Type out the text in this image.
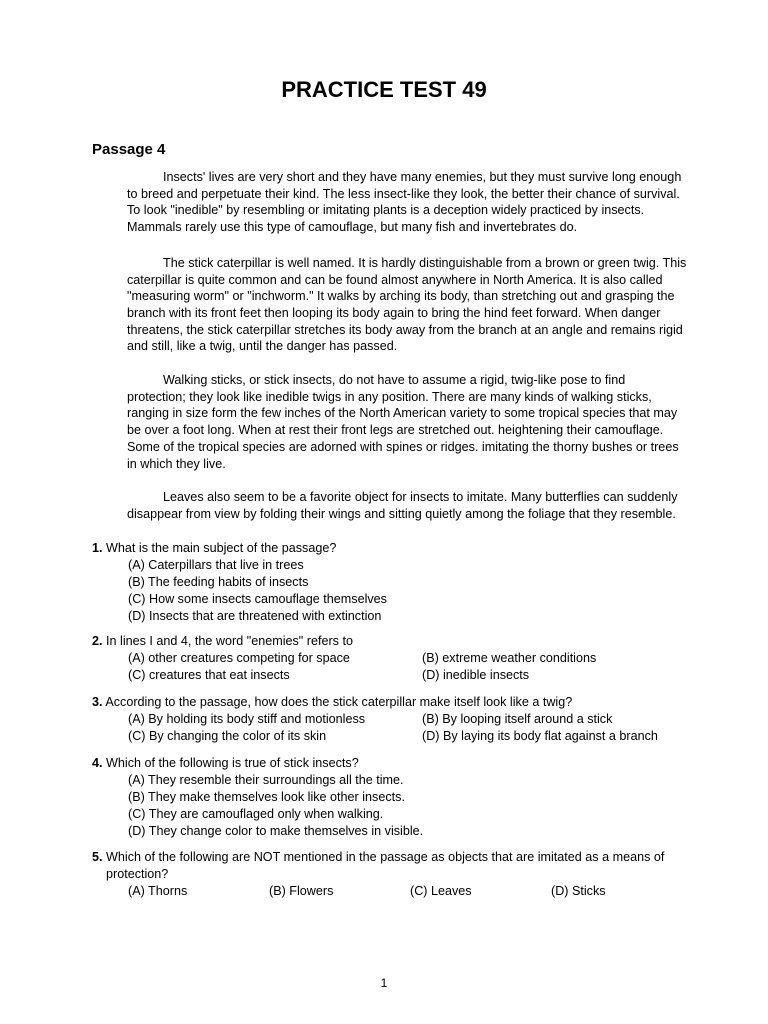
PRACTICE TEST 49
Passage 4

Insects' lives are very short and they have many enemies, but they must survive long enough to breed and perpetuate their kind. The less insect-like they look, the better their chance of survival. To look "inedible" by resembling or imitating plants is a deception widely practiced by insects. Mammals rarely use this type of camouflage, but many fish and invertebrates do.

The stick caterpillar is well named. It is hardly distinguishable from a brown or green twig. This caterpillar is quite common and can be found almost anywhere in North America. It is also called "measuring worm" or "inchworm." It walks by arching its body, than stretching out and grasping the branch with its front feet then looping its body again to bring the hind feet forward. When danger threatens, the stick caterpillar stretches its body away from the branch at an angle and remains rigid and still, like a twig, until the danger has passed.

Walking sticks, or stick insects, do not have to assume a rigid, twig-like pose to find protection; they look like inedible twigs in any position. There are many kinds of walking sticks, ranging in size form the few inches of the North American variety to some tropical species that may be over a foot long. When at rest their front legs are stretched out. heightening their camouflage. Some of the tropical species are adorned with spines or ridges. imitating the thorny bushes or trees in which they live.

Leaves also seem to be a favorite object for insects to imitate. Many butterflies can suddenly disappear from view by folding their wings and sitting quietly among the foliage that they resemble.

1. What is the main subject of the passage?
(A) Caterpillars that live in trees
(B) The feeding habits of insects
(C) How some insects camouflage themselves
(D) Insects that are threatened with extinction
2. In lines I and 4, the word "enemies" refers to
(A) other creatures competing for space	(B) extreme weather conditions
(C) creatures that eat insects	(D) inedible insects
3. According to the passage, how does the stick caterpillar make itself look like a twig?
(A) By holding its body stiff and motionless	(B) By looping itself around a stick
(C) By changing the color of its skin	(D) By laying its body flat against a branch
4. Which of the following is true of stick insects?
(A) They resemble their surroundings all the time.
(B) They make themselves look like other insects.
(C) They are camouflaged only when walking.
(D) They change color to make themselves in visible.
5. Which of the following are NOT mentioned in the passage as objects that are imitated as a means of
protection?
(A) Thorns	(B) Flowers	(C) Leaves	(D) Sticks
1
